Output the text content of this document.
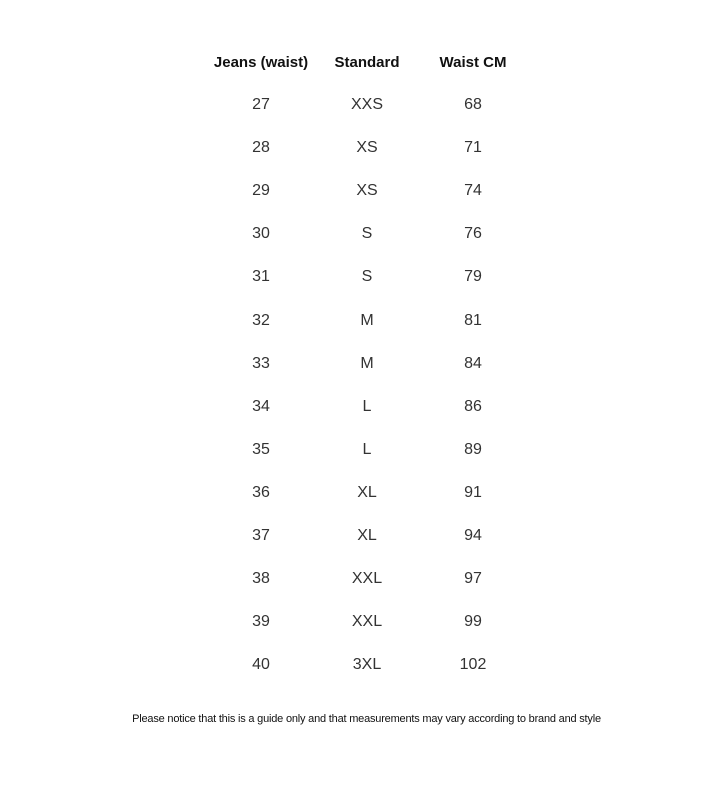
Jeans (waist)	Standard	Waist CM
27	XXS	68
28	XS	71
29	XS	74
30	S	76
31	S	79
32	M	81
33	M	84
34	L	86
35	L	89
36	XL	91
37	XL	94
38	XXL	97
39	XXL	99
40	3XL	102
Please notice that this is a guide only and that measurements may vary according to brand and style
